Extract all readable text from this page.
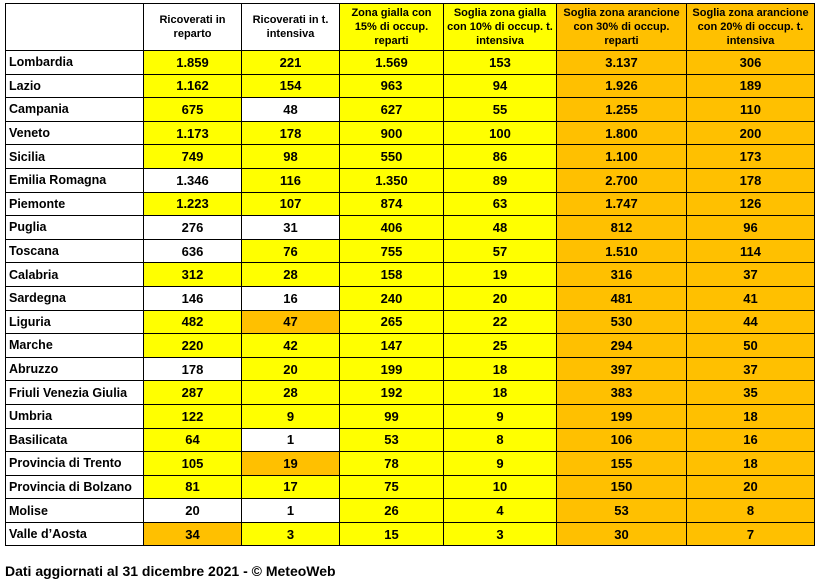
	Ricoverati in reparto	Ricoverati in t. intensiva	Zona gialla con 15% di occup. reparti	Soglia zona gialla con 10% di occup. t. intensiva	Soglia zona arancione con 30% di occup. reparti	Soglia zona arancione con 20% di occup. t. intensiva
Lombardia	1.859	221	1.569	153	3.137	306
Lazio	1.162	154	963	94	1.926	189
Campania	675	48	627	55	1.255	110
Veneto	1.173	178	900	100	1.800	200
Sicilia	749	98	550	86	1.100	173
Emilia Romagna	1.346	116	1.350	89	2.700	178
Piemonte	1.223	107	874	63	1.747	126
Puglia	276	31	406	48	812	96
Toscana	636	76	755	57	1.510	114
Calabria	312	28	158	19	316	37
Sardegna	146	16	240	20	481	41
Liguria	482	47	265	22	530	44
Marche	220	42	147	25	294	50
Abruzzo	178	20	199	18	397	37
Friuli Venezia Giulia	287	28	192	18	383	35
Umbria	122	9	99	9	199	18
Basilicata	64	1	53	8	106	16
Provincia di Trento	105	19	78	9	155	18
Provincia di Bolzano	81	17	75	10	150	20
Molise	20	1	26	4	53	8
Valle d’Aosta	34	3	15	3	30	7
Dati aggiornati al 31 dicembre 2021 - © MeteoWeb
